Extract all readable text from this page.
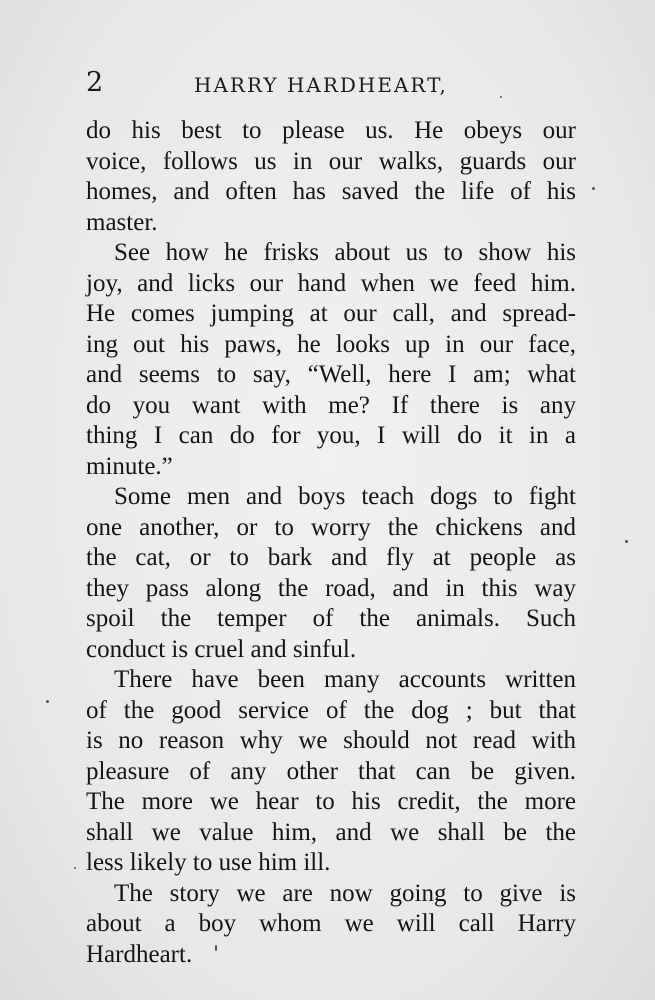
2	HARRY HARDHEART,
do his best to please us. He obeys our
voice, follows us in our walks, guards our
homes, and often has saved the life of his
master.
See how he frisks about us to show his
joy, and licks our hand when we feed him.
He comes jumping at our call, and spread-
ing out his paws, he looks up in our face,
and seems to say, “Well, here I am; what
do you want with me? If there is any
thing I can do for you, I will do it in a
minute.”
Some men and boys teach dogs to fight
one another, or to worry the chickens and
the cat, or to bark and fly at people as
they pass along the road, and in this way
spoil the temper of the animals. Such
conduct is cruel and sinful.
There have been many accounts written
of the good service of the dog ; but that
is no reason why we should not read with
pleasure of any other that can be given.
The more we hear to his credit, the more
shall we value him, and we shall be the
less likely to use him ill.
The story we are now going to give is
about a boy whom we will call Harry
Hardheart.
